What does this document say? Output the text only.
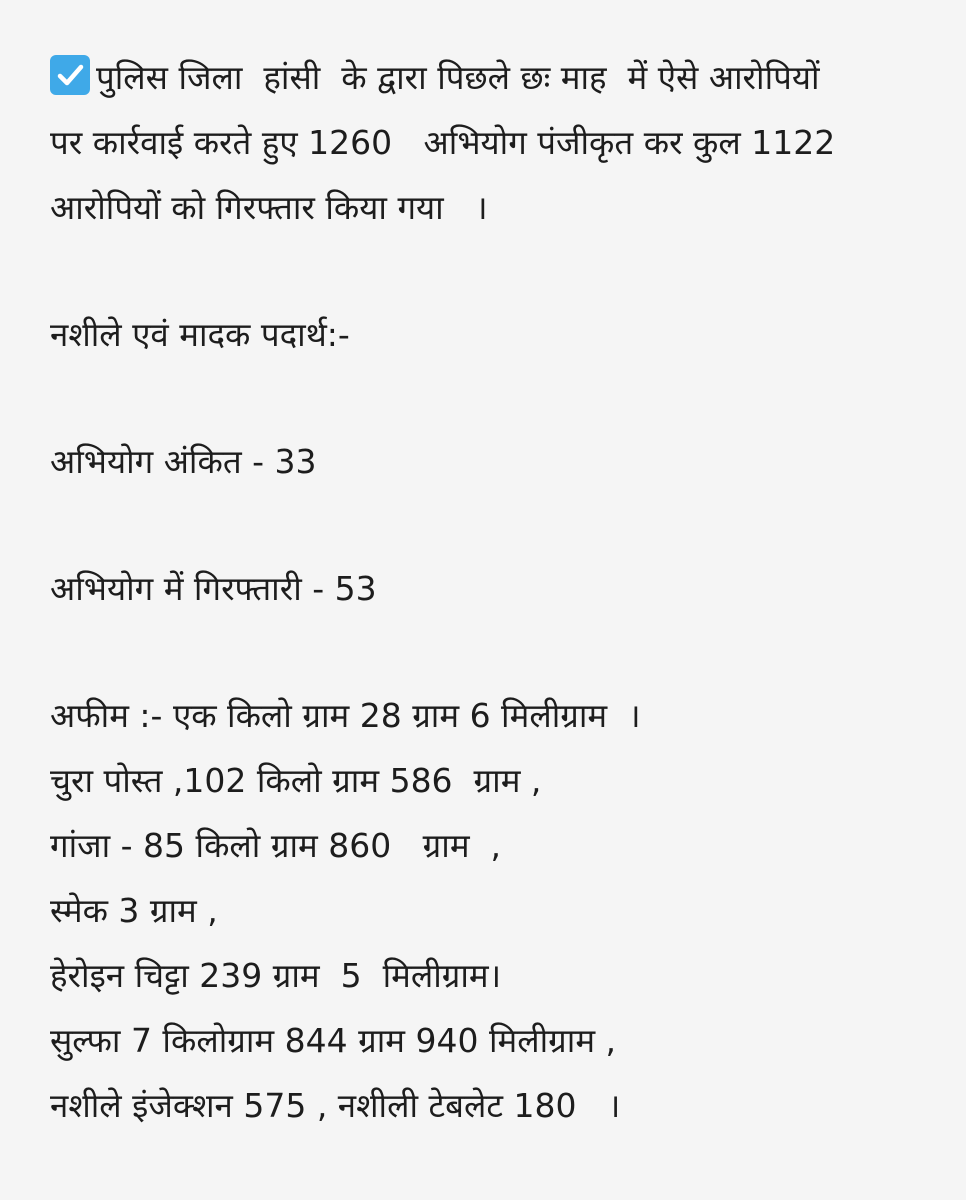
पुलिस जिला  हांसी  के द्वारा पिछले छः माह  में ऐसे आरोपियों
पर कार्रवाई करते हुए 1260   अभियोग पंजीकृत कर कुल 1122
आरोपियों को गिरफ्तार किया गया   ।
नशीले एवं मादक पदार्थ:-
अभियोग अंकित - 33
अभियोग में गिरफ्तारी - 53
अफीम :- एक किलो ग्राम 28 ग्राम 6 मिलीग्राम  ।
चुरा पोस्त ,102 किलो ग्राम 586  ग्राम ,
गांजा - 85 किलो ग्राम 860   ग्राम  ,
स्मेक 3 ग्राम ,
हेरोइन चिट्टा 239 ग्राम  5  मिलीग्राम।
सुल्फा 7 किलोग्राम 844 ग्राम 940 मिलीग्राम ,
नशीले इंजेक्शन 575 , नशीली टेबलेट 180   ।
